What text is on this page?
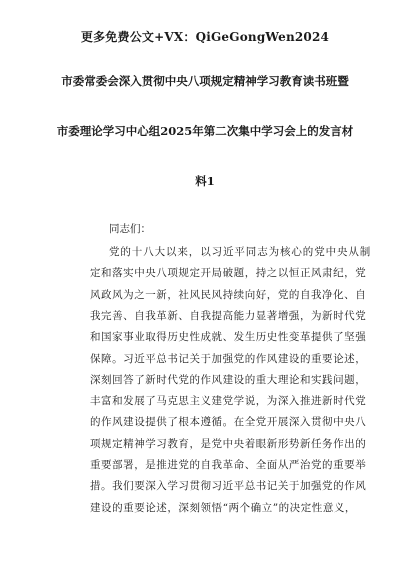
更多免费公文+VX：QiGeGongWen2024
市委常委会深入贯彻中央八项规定精神学习教育读书班暨
市委理论学习中心组2025年第二次集中学习会上的发言材
料1
同志们：
党的十八大以来，以习近平同志为核心的党中央从制
定和落实中央八项规定开局破题，持之以恒正风肃纪，党
风政风为之一新，社风民风持续向好，党的自我净化、自
我完善、自我革新、自我提高能力显著增强，为新时代党
和国家事业取得历史性成就、发生历史性变革提供了坚强
保障。习近平总书记关于加强党的作风建设的重要论述，
深刻回答了新时代党的作风建设的重大理论和实践问题，
丰富和发展了马克思主义建党学说，为深入推进新时代党
的作风建设提供了根本遵循。在全党开展深入贯彻中央八
项规定精神学习教育，是党中央着眼新形势新任务作出的
重要部署，是推进党的自我革命、全面从严治党的重要举
措。我们要深入学习贯彻习近平总书记关于加强党的作风
建设的重要论述，深刻领悟“两个确立”的决定性意义，
